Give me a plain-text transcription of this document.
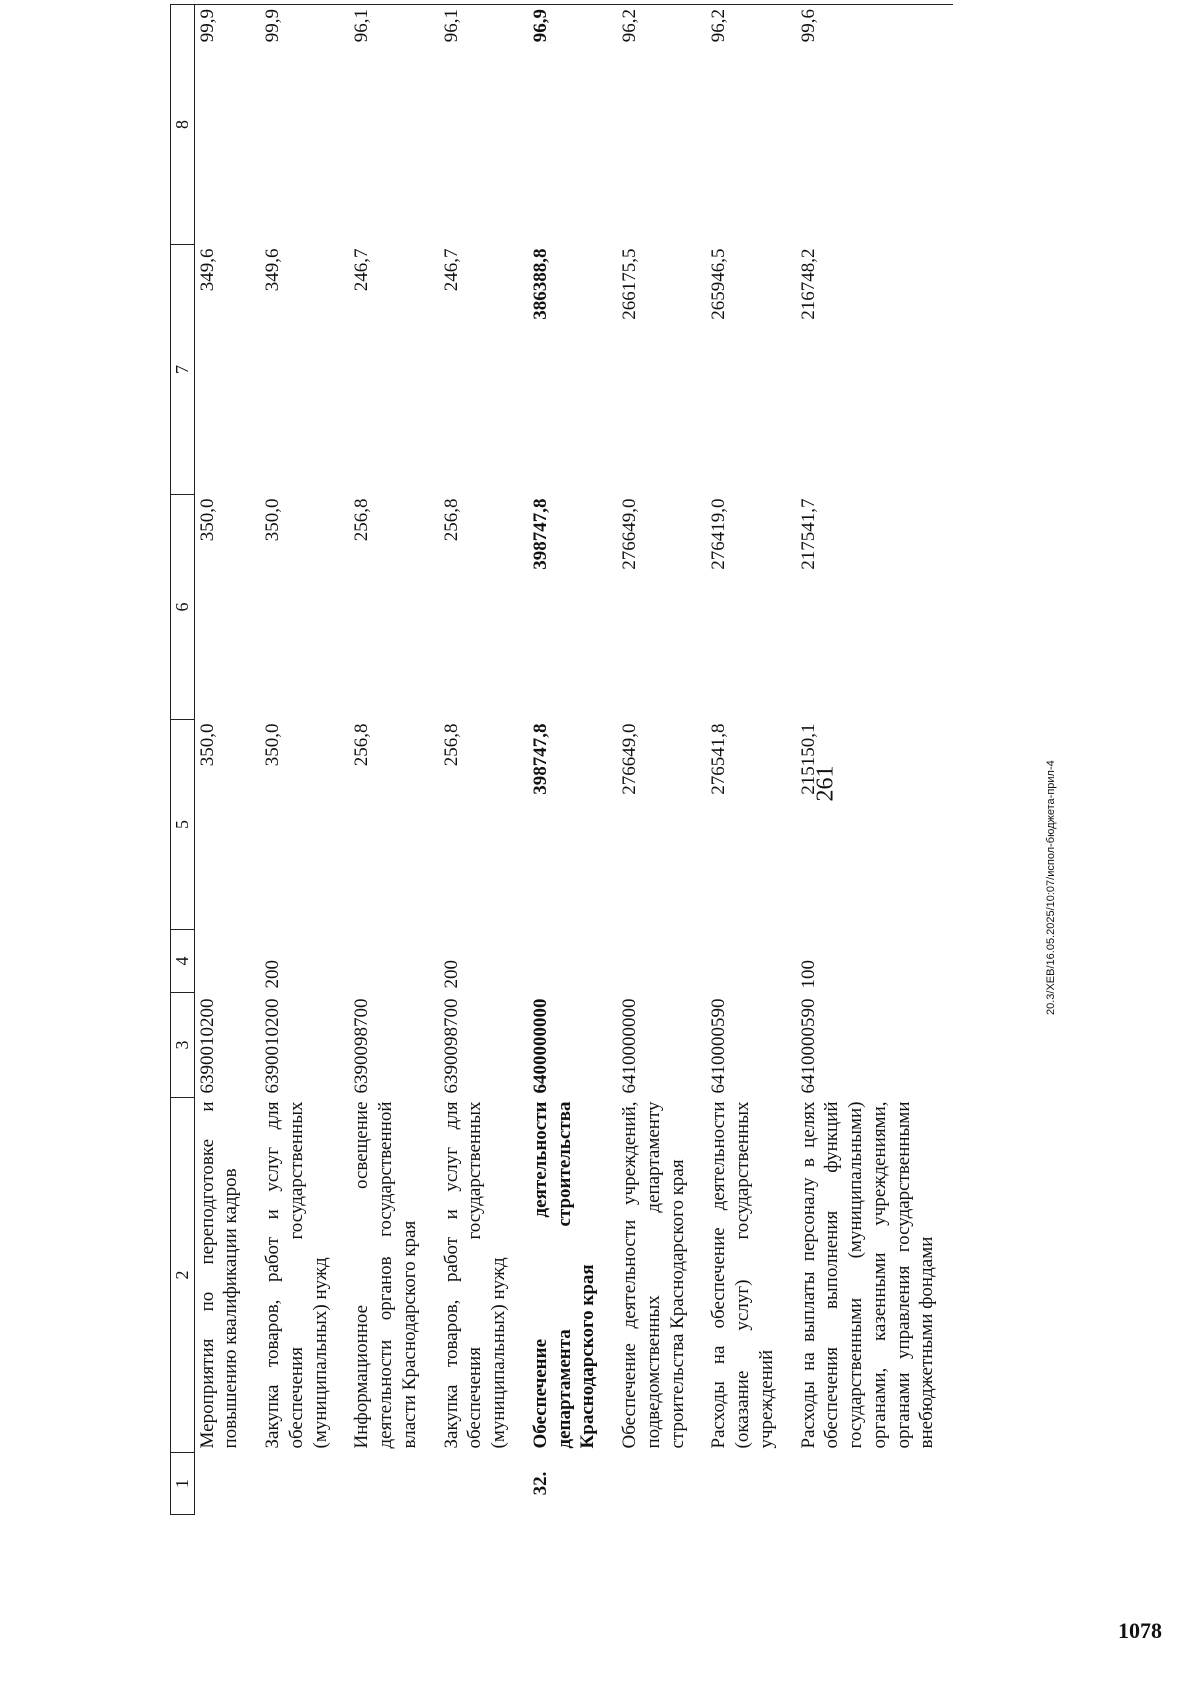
1	2	3	4	5	6	7	8
	Мероприятия по переподготовке и повышению квалификации кадров	6390010200		350,0	350,0	349,6	99,9
	Закупка товаров, работ и услуг для обеспечения государственных (муниципальных) нужд	6390010200	200	350,0	350,0	349,6	99,9
	Информационное освещение деятельности органов государственной власти Краснодарского края	6390098700		256,8	256,8	246,7	96,1
	Закупка товаров, работ и услуг для обеспечения государственных (муниципальных) нужд	6390098700	200	256,8	256,8	246,7	96,1
32.	Обеспечение деятельности департамента строительства Краснодарского края	6400000000		398747,8	398747,8	386388,8	96,9
	Обеспечение деятельности учреждений, подведомственных департаменту строительства Краснодарского края	6410000000		276649,0	276649,0	266175,5	96,2
	Расходы на обеспечение деятельности (оказание услуг) государственных учреждений	6410000590		276541,8	276419,0	265946,5	96,2
	Расходы на выплаты персоналу в целях обеспечения выполнения функций государственными (муниципальными) органами, казенными учреждениями, органами управления государственными внебюджетными фондами	6410000590	100	215150,1	217541,7	216748,2	99,6
261	20.3/ХЕВ/16.05.2025/10:07/испол-бюджета-прил-4
1078
